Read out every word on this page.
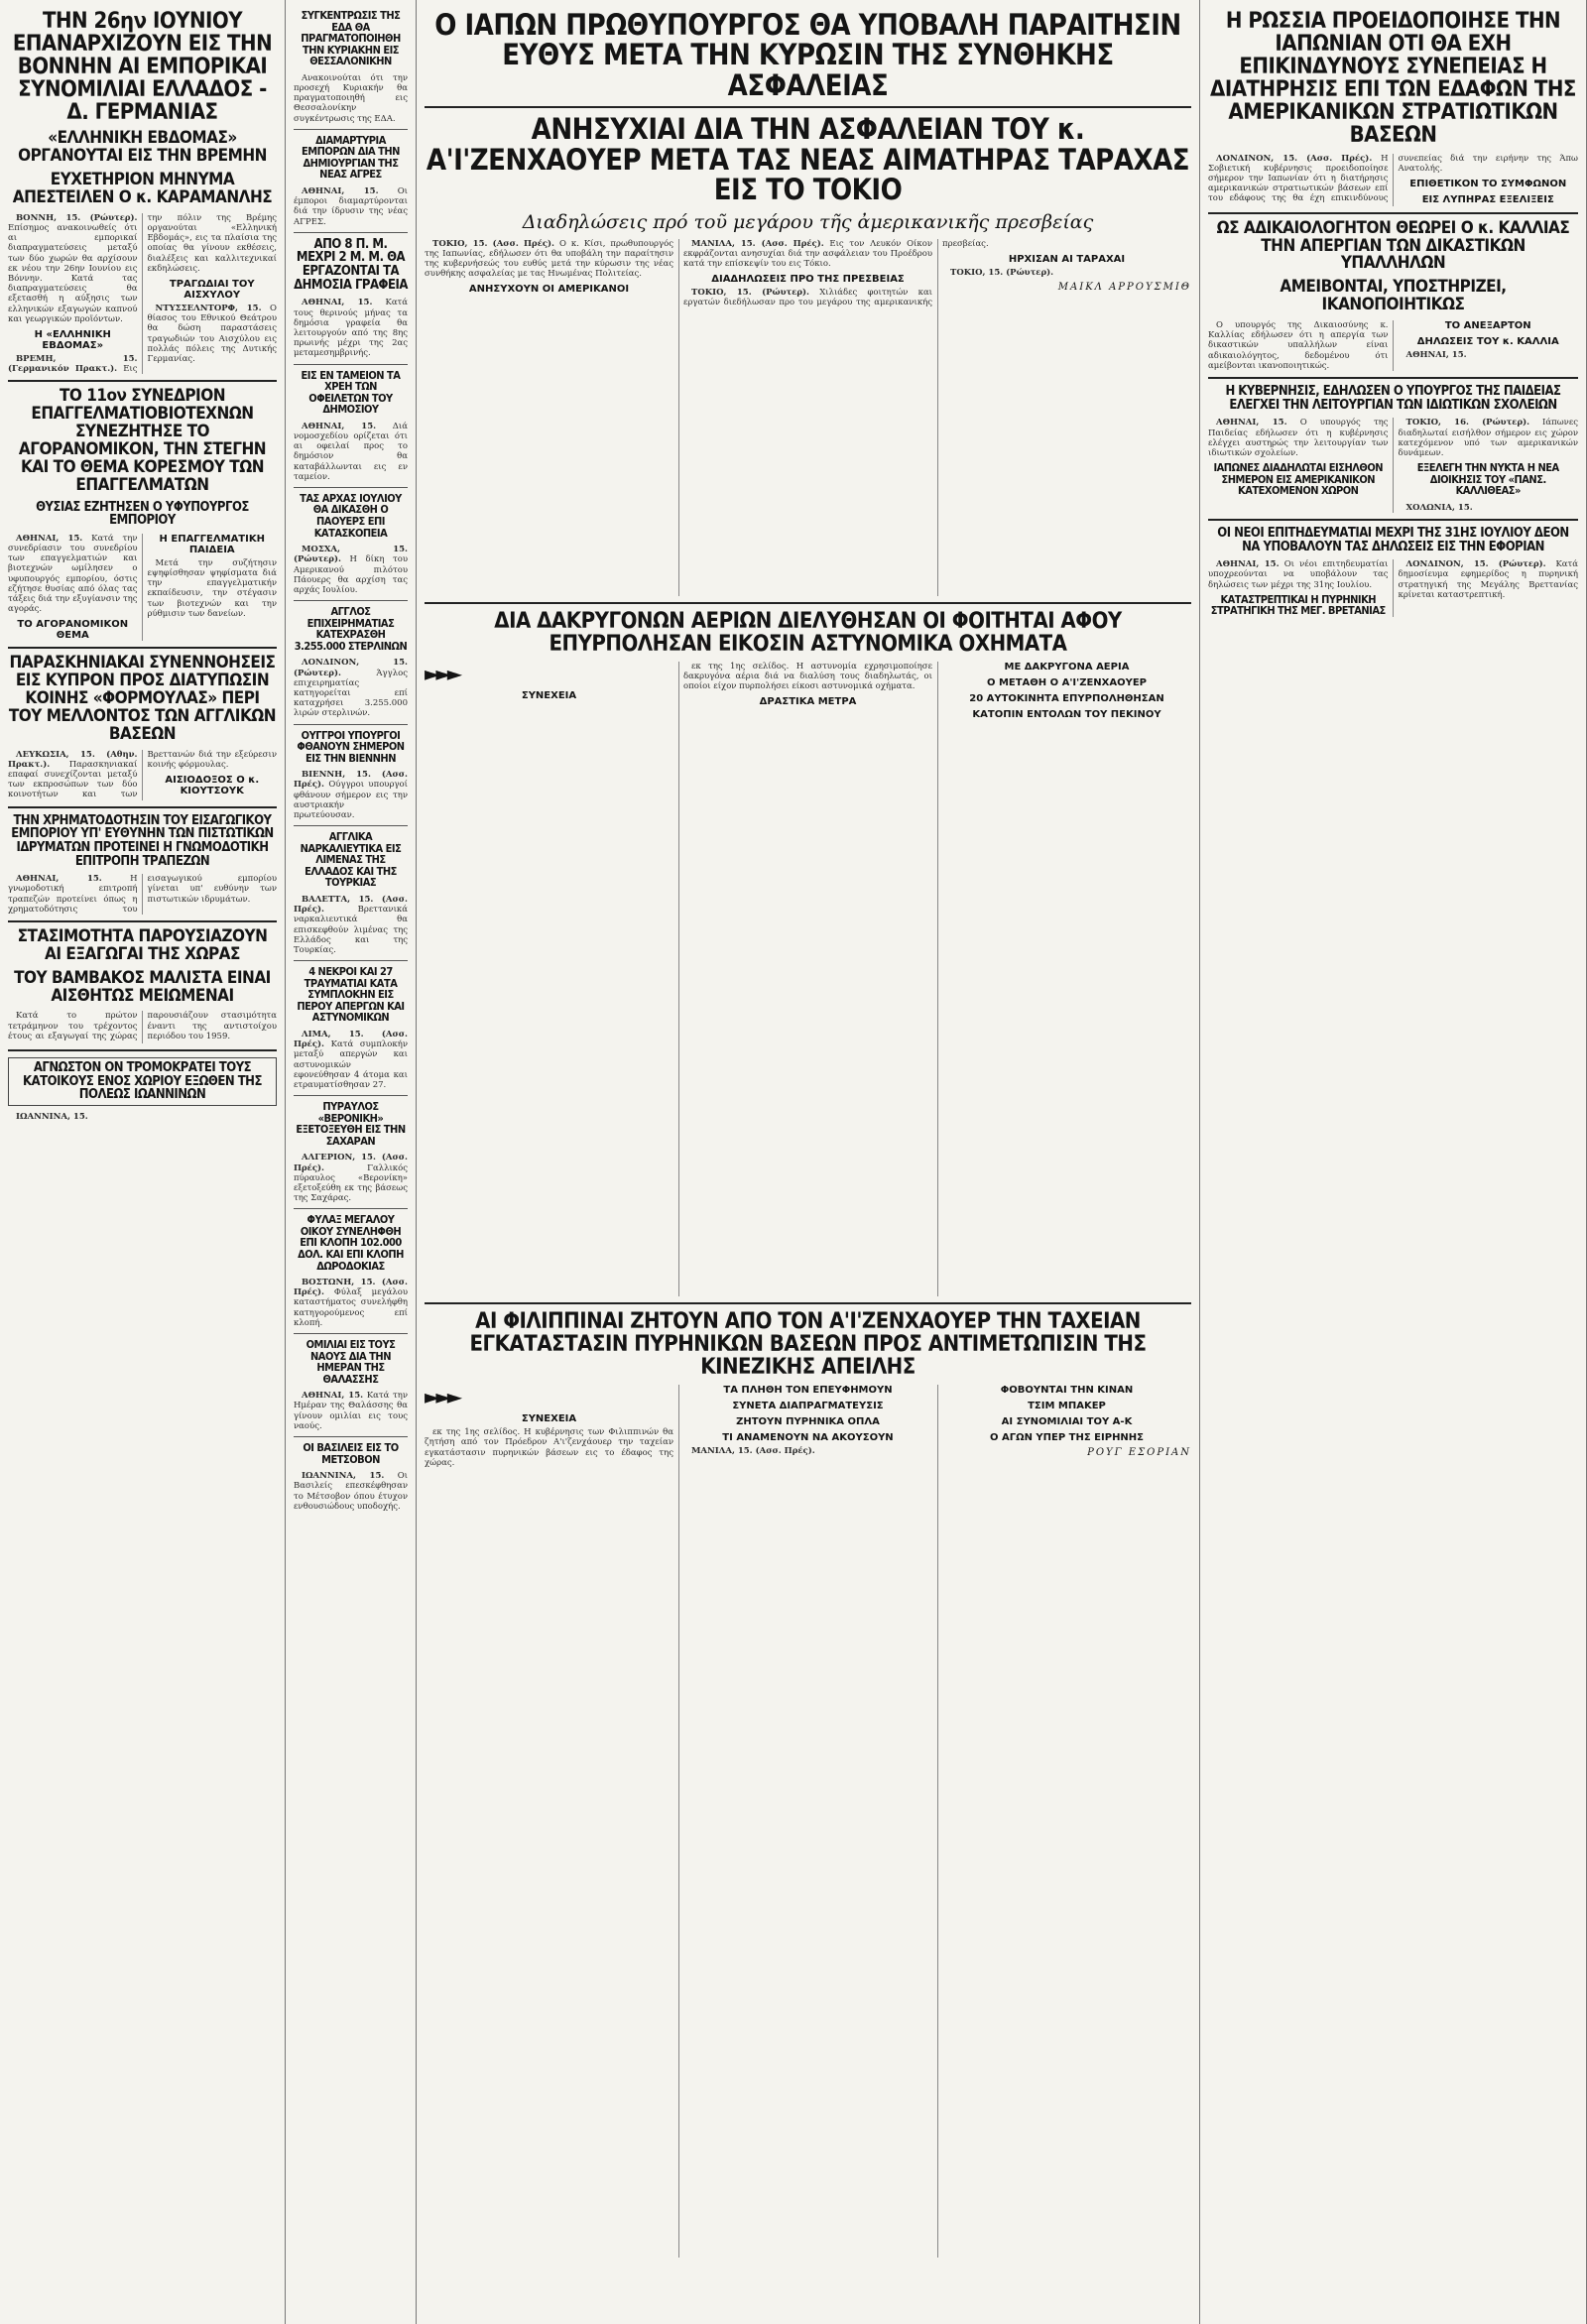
ΤΗΝ 26ην ΙΟΥΝΙΟΥ ΕΠΑΝΑΡΧΙΖΟΥΝ ΕΙΣ ΤΗΝ ΒΟΝΝΗΝ ΑΙ ΕΜΠΟΡΙΚΑΙ ΣΥΝΟΜΙΛΙΑΙ ΕΛΛΑΔΟΣ - Δ. ΓΕΡΜΑΝΙΑΣ
«ΕΛΛΗΝΙΚΗ ΕΒΔΟΜΑΣ» ΟΡΓΑΝΟΥΤΑΙ ΕΙΣ ΤΗΝ ΒΡΕΜΗΝ
ΕΥΧΕΤΗΡΙΟΝ ΜΗΝΥΜΑ ΑΠΕΣΤΕΙΛΕΝ Ο κ. ΚΑΡΑΜΑΝΛΗΣ

ΒΟΝΝΗ, 15. (Ρώυτερ). Επίσημος ανακοινωθείς ότι αι εμπορικαί διαπραγματεύσεις μεταξύ των δύο χωρών θα αρχίσουν εκ νέου την 26ην Ιουνίου εις Βόννην. Κατά τας διαπραγματεύσεις θα εξετασθή η αύξησις των ελληνικών εξαγωγών καπνού και γεωργικών προϊόντων.

Η «ΕΛΛΗΝΙΚΗ ΕΒΔΟΜΑΣ»

ΒΡΕΜΗ, 15. (Γερμανικόν Πρακτ.). Εις την πόλιν της Βρέμης οργανούται «Ελληνική Εβδομάς», εις τα πλαίσια της οποίας θα γίνουν εκθέσεις, διαλέξεις και καλλιτεχνικαί εκδηλώσεις.

ΤΡΑΓΩΔΙΑΙ ΤΟΥ ΑΙΣΧΥΛΟΥ

ΝΤΥΣΣΕΛΝΤΟΡΦ, 15. Ο θίασος του Εθνικού Θεάτρου θα δώση παραστάσεις τραγωδιών του Αισχύλου εις πολλάς πόλεις της Δυτικής Γερμανίας.

ΤΟ 11ον ΣΥΝΕΔΡΙΟΝ ΕΠΑΓΓΕΛΜΑΤΙΟΒΙΟΤΕΧΝΩΝ ΣΥΝΕΖΗΤΗΣΕ ΤΟ ΑΓΟΡΑΝΟΜΙΚΟΝ, ΤΗΝ ΣΤΕΓΗΝ ΚΑΙ ΤΟ ΘΕΜΑ ΚΟΡΕΣΜΟΥ ΤΩΝ ΕΠΑΓΓΕΛΜΑΤΩΝ
ΘΥΣΙΑΣ ΕΖΗΤΗΣΕΝ Ο ΥΦΥΠΟΥΡΓΟΣ ΕΜΠΟΡΙΟΥ

ΑΘΗΝΑΙ, 15. Κατά την συνεδρίασιν του συνεδρίου των επαγγελματιών και βιοτεχνών ωμίλησεν ο υφυπουργός εμπορίου, όστις εζήτησε θυσίας από όλας τας τάξεις διά την εξυγίανσιν της αγοράς.

ΤΟ ΑΓΟΡΑΝΟΜΙΚΟΝ ΘΕΜΑ
Η ΕΠΑΓΓΕΛΜΑΤΙΚΗ ΠΑΙΔΕΙΑ

Μετά την συζήτησιν εψηφίσθησαν ψηφίσματα διά την επαγγελματικήν εκπαίδευσιν, την στέγασιν των βιοτεχνών και την ρύθμισιν των δανείων.

ΠΑΡΑΣΚΗΝΙΑΚΑΙ ΣΥΝΕΝΝΟΗΣΕΙΣ ΕΙΣ ΚΥΠΡΟΝ ΠΡΟΣ ΔΙΑΤΥΠΩΣΙΝ ΚΟΙΝΗΣ «ΦΟΡΜΟΥΛΑΣ» ΠΕΡΙ ΤΟΥ ΜΕΛΛΟΝΤΟΣ ΤΩΝ ΑΓΓΛΙΚΩΝ ΒΑΣΕΩΝ

ΛΕΥΚΩΣΙΑ, 15. (Αθην. Πρακτ.). Παρασκηνιακαί επαφαί συνεχίζονται μεταξύ των εκπροσώπων των δύο κοινοτήτων και των Βρεττανών διά την εξεύρεσιν κοινής φόρμουλας.

ΑΙΣΙΟΔΟΞΟΣ Ο κ. ΚΙΟΥΤΣΟΥΚ
ΤΗΝ ΧΡΗΜΑΤΟΔΟΤΗΣΙΝ ΤΟΥ ΕΙΣΑΓΩΓΙΚΟΥ ΕΜΠΟΡΙΟΥ ΥΠ' ΕΥΘΥΝΗΝ ΤΩΝ ΠΙΣΤΩΤΙΚΩΝ ΙΔΡΥΜΑΤΩΝ ΠΡΟΤΕΙΝΕΙ Η ΓΝΩΜΟΔΟΤΙΚΗ ΕΠΙΤΡΟΠΗ ΤΡΑΠΕΖΩΝ

ΑΘΗΝΑΙ, 15.	Η γνωμοδοτική επιτροπή τραπεζών προτείνει όπως η χρηματοδότησις του εισαγωγικού εμπορίου γίνεται υπ' ευθύνην των πιστωτικών ιδρυμάτων.

ΣΤΑΣΙΜΟΤΗΤΑ ΠΑΡΟΥΣΙΑΖΟΥΝ ΑΙ ΕΞΑΓΩΓΑΙ ΤΗΣ ΧΩΡΑΣ
ΤΟΥ ΒΑΜΒΑΚΟΣ ΜΑΛΙΣΤΑ ΕΙΝΑΙ ΑΙΣΘΗΤΩΣ ΜΕΙΩΜΕΝΑΙ

Κατά το πρώτον τετράμηνον του τρέχοντος έτους αι εξαγωγαί της χώρας παρουσιάζουν στασιμότητα έναντι της αντιστοίχου περιόδου του 1959.

ΑΓΝΩΣΤΟΝ ΟΝ ΤΡΟΜΟΚΡΑΤΕΙ ΤΟΥΣ ΚΑΤΟΙΚΟΥΣ ΕΝΟΣ ΧΩΡΙΟΥ ΕΞΩΘΕΝ ΤΗΣ ΠΟΛΕΩΣ ΙΩΑΝΝΙΝΩΝ

ΙΩΑΝΝΙΝΑ, 15.

ΣΥΓΚΕΝΤΡΩΣΙΣ ΤΗΣ ΕΔΑ ΘΑ ΠΡΑΓΜΑΤΟΠΟΙΗΘΗ ΤΗΝ ΚΥΡΙΑΚΗΝ ΕΙΣ ΘΕΣΣΑΛΟΝΙΚΗΝ

Ανακοινούται ότι την προσεχή Κυριακήν θα πραγματοποιηθή εις Θεσσαλονίκην συγκέντρωσις της ΕΔΑ.

ΔΙΑΜΑΡΤΥΡΙΑ ΕΜΠΟΡΩΝ ΔΙΑ ΤΗΝ ΔΗΜΙΟΥΡΓΙΑΝ ΤΗΣ ΝΕΑΣ ΑΓΡΕΣ

ΑΘΗΝΑΙ, 15. Οι έμποροι διαμαρτύρονται διά την ίδρυσιν της νέας ΑΓΡΕΣ.

ΑΠΟ 8 Π. Μ. ΜΕΧΡΙ 2 Μ. Μ. ΘΑ ΕΡΓΑΖΟΝΤΑΙ ΤΑ ΔΗΜΟΣΙΑ ΓΡΑΦΕΙΑ

ΑΘΗΝΑΙ, 15. Κατά τους θερινούς μήνας τα δημόσια γραφεία θα λειτουργούν από της 8ης πρωινής μέχρι της 2ας μεταμεσημβρινής.

ΕΙΣ ΕΝ ΤΑΜΕΙΟΝ ΤΑ ΧΡΕΗ ΤΩΝ ΟΦΕΙΛΕΤΩΝ ΤΟΥ ΔΗΜΟΣΙΟΥ

ΑΘΗΝΑΙ, 15. Διά νομοσχεδίου ορίζεται ότι αι οφειλαί προς το δημόσιον θα καταβάλλωνται εις εν ταμείον.

ΤΑΣ ΑΡΧΑΣ ΙΟΥΛΙΟΥ ΘΑ ΔΙΚΑΣΘΗ Ο ΠΑΟΥΕΡΣ ΕΠΙ ΚΑΤΑΣΚΟΠΕΙΑ

ΜΟΣΧΑ, 15. (Ρώυτερ). Η δίκη του Αμερικανού πιλότου Πάουερς θα αρχίση τας αρχάς Ιουλίου.

ΑΓΓΛΟΣ ΕΠΙΧΕΙΡΗΜΑΤΙΑΣ ΚΑΤΕΧΡΑΣΘΗ 3.255.000 ΣΤΕΡΛΙΝΩΝ

ΛΟΝΔΙΝΟΝ, 15. (Ρώυτερ).	Άγγλος επιχειρηματίας κατηγορείται επί καταχρήσει 3.255.000 λιρών στερλινών.

ΟΥΓΓΡΟΙ ΥΠΟΥΡΓΟΙ ΦΘΑΝΟΥΝ ΣΗΜΕΡΟΝ ΕΙΣ ΤΗΝ ΒΙΕΝΝΗΝ

ΒΙΕΝΝΗ, 15. (Ασσ. Πρές). Ούγγροι υπουργοί φθάνουν σήμερον εις την αυστριακήν πρωτεύουσαν.

ΑΓΓΛΙΚΑ ΝΑΡΚΑΛΙΕΥΤΙΚΑ ΕΙΣ ΛΙΜΕΝΑΣ ΤΗΣ ΕΛΛΑΔΟΣ ΚΑΙ ΤΗΣ ΤΟΥΡΚΙΑΣ

ΒΑΛΕΤΤΑ, 15. (Ασσ. Πρές).	Βρεττανικά ναρκαλιευτικά θα επισκεφθούν λιμένας της Ελλάδος και της Τουρκίας.

4 ΝΕΚΡΟΙ ΚΑΙ 27 ΤΡΑΥΜΑΤΙΑΙ ΚΑΤΑ ΣΥΜΠΛΟΚΗΝ ΕΙΣ ΠΕΡΟΥ ΑΠΕΡΓΩΝ ΚΑΙ ΑΣΤΥΝΟΜΙΚΩΝ

ΛΙΜΑ, 15. (Ασσ. Πρές). Κατά συμπλοκήν μεταξύ απεργών και αστυνομικών εφονεύθησαν 4 άτομα και ετραυματίσθησαν 27.

ΠΥΡΑΥΛΟΣ «ΒΕΡΟΝΙΚΗ» ΕΞΕΤΟΞΕΥΘΗ ΕΙΣ ΤΗΝ ΣΑΧΑΡΑΝ

ΑΛΓΕΡΙΟΝ, 15. (Ασσ. Πρές).	Γαλλικός πύραυλος «Βερονίκη» εξετοξεύθη εκ της βάσεως της Σαχάρας.

ΦΥΛΑΞ ΜΕΓΑΛΟΥ ΟΙΚΟΥ ΣΥΝΕΛΗΦΘΗ ΕΠΙ ΚΛΟΠΗ 102.000 ΔΟΛ. ΚΑΙ ΕΠΙ ΚΛΟΠΗ ΔΩΡΟΔΟΚΙΑΣ

ΒΟΣΤΩΝΗ, 15. (Ασσ. Πρές). Φύλαξ μεγάλου καταστήματος συνελήφθη κατηγορούμενος επί κλοπή.

ΟΜΙΛΙΑΙ ΕΙΣ ΤΟΥΣ ΝΑΟΥΣ ΔΙΑ ΤΗΝ ΗΜΕΡΑΝ ΤΗΣ ΘΑΛΑΣΣΗΣ

ΑΘΗΝΑΙ, 15. Κατά την Ημέραν της Θαλάσσης θα γίνουν ομιλίαι εις τους ναούς.

ΟΙ ΒΑΣΙΛΕΙΣ ΕΙΣ ΤΟ ΜΕΤΣΟΒΟΝ

ΙΩΑΝΝΙΝΑ, 15. Οι Βασιλείς επεσκέφθησαν το Μέτσοβον όπου έτυχον ενθουσιώδους υποδοχής.

Ο ΙΑΠΩΝ ΠΡΩΘΥΠΟΥΡΓΟΣ ΘΑ ΥΠΟΒΑΛΗ ΠΑΡΑΙΤΗΣΙΝ ΕΥΘΥΣ ΜΕΤΑ ΤΗΝ ΚΥΡΩΣΙΝ ΤΗΣ ΣΥΝΘΗΚΗΣ ΑΣΦΑΛΕΙΑΣ
ΑΝΗΣΥΧΙΑΙ ΔΙΑ ΤΗΝ ΑΣΦΑΛΕΙΑΝ ΤΟΥ κ. Α'Ι'ΖΕΝΧΑΟΥΕΡ ΜΕΤΑ ΤΑΣ ΝΕΑΣ ΑΙΜΑΤΗΡΑΣ ΤΑΡΑΧΑΣ ΕΙΣ ΤΟ ΤΟΚΙΟ
Διαδηλώσεις πρό τοῦ μεγάρου τῆς ἀμερικανικῆς πρεσβείας

ΤΟΚΙΟ, 15. (Ασσ. Πρές). Ο κ. Κίσι, πρωθυπουργός της Ιαπωνίας, εδήλωσεν ότι θα υποβάλη την παραίτησιν της κυβερνήσεώς του ευθύς μετά την κύρωσιν της νέας συνθήκης ασφαλείας με τας Ηνωμένας Πολιτείας.

ΑΝΗΣΥΧΟΥΝ ΟΙ ΑΜΕΡΙΚΑΝΟΙ

ΜΑΝΙΛΑ, 15. (Ασσ. Πρές). Εις τον Λευκόν Οίκον εκφράζονται ανησυχίαι διά την ασφάλειαν του Προέδρου κατά την επίσκεψίν του εις Τόκιο.

ΔΙΑΔΗΛΩΣΕΙΣ ΠΡΟ ΤΗΣ ΠΡΕΣΒΕΙΑΣ

ΤΟΚΙΟ, 15. (Ρώυτερ). Χιλιάδες φοιτητών και εργατών διεδήλωσαν προ του μεγάρου της αμερικανικής πρεσβείας.

ΗΡΧΙΣΑΝ ΑΙ ΤΑΡΑΧΑΙ

ΤΟΚΙΟ, 15. (Ρώυτερ).

ΜΑΙΚΛ ΑΡΡΟΥΣΜΙΘ
ΔΙΑ ΔΑΚΡΥΓΟΝΩΝ ΑΕΡΙΩΝ ΔΙΕΛΥΘΗΣΑΝ ΟΙ ΦΟΙΤΗΤΑΙ ΑΦΟΥ ΕΠΥΡΠΟΛΗΣΑΝ ΕΙΚΟΣΙΝ ΑΣΤΥΝΟΜΙΚΑ ΟΧΗΜΑΤΑ
►►►
ΣΥΝΕΧΕΙΑ

εκ της 1ης σελίδος. Η αστυνομία εχρησιμοποίησε δακρυγόνα αέρια διά να διαλύση τους διαδηλωτάς, οι οποίοι είχον πυρπολήσει είκοσι αστυνομικά οχήματα.

ΔΡΑΣΤΙΚΑ ΜΕΤΡΑ
ΜΕ ΔΑΚΡΥΓΟΝΑ ΑΕΡΙΑ
Ο ΜΕΤΑΘΗ Ο Α'Ι'ΖΕΝΧΑΟΥΕΡ
20 ΑΥΤΟΚΙΝΗΤΑ ΕΠΥΡΠΟΛΗΘΗΣΑΝ
ΚΑΤΟΠΙΝ ΕΝΤΟΛΩΝ ΤΟΥ ΠΕΚΙΝΟΥ
ΑΙ ΦΙΛΙΠΠΙΝΑΙ ΖΗΤΟΥΝ ΑΠΟ ΤΟΝ Α'Ι'ΖΕΝΧΑΟΥΕΡ ΤΗΝ ΤΑΧΕΙΑΝ ΕΓΚΑΤΑΣΤΑΣΙΝ ΠΥΡΗΝΙΚΩΝ ΒΑΣΕΩΝ ΠΡΟΣ ΑΝΤΙΜΕΤΩΠΙΣΙΝ ΤΗΣ ΚΙΝΕΖΙΚΗΣ ΑΠΕΙΛΗΣ
►►►
ΣΥΝΕΧΕΙΑ

εκ της 1ης σελίδος. Η κυβέρνησις των Φιλιππινών θα ζητήση από τον Πρόεδρον Α'ι'ζενχάουερ την ταχείαν εγκατάστασιν πυρηνικών βάσεων εις το έδαφος της χώρας.

ΤΑ ΠΛΗΘΗ ΤΟΝ ΕΠΕΥΦΗΜΟΥΝ
ΣΥΝΕΤΑ ΔΙΑΠΡΑΓΜΑΤΕΥΣΙΣ
ΖΗΤΟΥΝ ΠΥΡΗΝΙΚΑ ΟΠΛΑ
ΤΙ ΑΝΑΜΕΝΟΥΝ ΝΑ ΑΚΟΥΣΟΥΝ

ΜΑΝΙΛΑ, 15. (Ασσ. Πρές).

ΦΟΒΟΥΝΤΑΙ ΤΗΝ ΚΙΝΑΝ
ΤΣΙΜ ΜΠΑΚΕΡ
ΑΙ ΣΥΝΟΜΙΛΙΑΙ ΤΟΥ Α-Κ
Ο ΑΓΩΝ ΥΠΕΡ ΤΗΣ ΕΙΡΗΝΗΣ
ΡΟΥΓ ΕΣΟΡΙΑΝ
Η ΡΩΣΣΙΑ ΠΡΟΕΙΔΟΠΟΙΗΣΕ ΤΗΝ ΙΑΠΩΝΙΑΝ ΟΤΙ ΘΑ ΕΧΗ ΕΠΙΚΙΝΔΥΝΟΥΣ ΣΥΝΕΠΕΙΑΣ Η ΔΙΑΤΗΡΗΣΙΣ ΕΠΙ ΤΩΝ ΕΔΑΦΩΝ ΤΗΣ ΑΜΕΡΙΚΑΝΙΚΩΝ ΣΤΡΑΤΙΩΤΙΚΩΝ ΒΑΣΕΩΝ

ΛΟΝΔΙΝΟΝ, 15. (Ασσ. Πρές). Η Σοβιετική κυβέρνησις προειδοποίησε σήμερον την Ιαπωνίαν ότι η διατήρησις αμερικανικών στρατιωτικών βάσεων επί του εδάφους της θα έχη επικινδύνους συνεπείας διά την ειρήνην της Άπω Ανατολής.

ΕΠΙΘΕΤΙΚΟΝ ΤΟ ΣΥΜΦΩΝΟΝ
ΕΙΣ ΛΥΠΗΡΑΣ ΕΞΕΛΙΞΕΙΣ
ΩΣ ΑΔΙΚΑΙΟΛΟΓΗΤΟΝ ΘΕΩΡΕΙ Ο κ. ΚΑΛΛΙΑΣ ΤΗΝ ΑΠΕΡΓΙΑΝ ΤΩΝ ΔΙΚΑΣΤΙΚΩΝ ΥΠΑΛΛΗΛΩΝ
ΑΜΕΙΒΟΝΤΑΙ, ΥΠΟΣΤΗΡΙΖΕΙ, ΙΚΑΝΟΠΟΙΗΤΙΚΩΣ

Ο υπουργός της Δικαιοσύνης κ. Καλλίας εδήλωσεν ότι η απεργία των δικαστικών υπαλλήλων είναι αδικαιολόγητος, δεδομένου ότι αμείβονται ικανοποιητικώς.

ΤΟ ΑΝΕΞΑΡΤΟΝ
ΔΗΛΩΣΕΙΣ ΤΟΥ κ. ΚΑΛΛΙΑ

ΑΘΗΝΑΙ, 15.

Η ΚΥΒΕΡΝΗΣΙΣ, ΕΔΗΛΩΣΕΝ Ο ΥΠΟΥΡΓΟΣ ΤΗΣ ΠΑΙΔΕΙΑΣ ΕΛΕΓΧΕΙ ΤΗΝ ΛΕΙΤΟΥΡΓΙΑΝ ΤΩΝ ΙΔΙΩΤΙΚΩΝ ΣΧΟΛΕΙΩΝ

ΑΘΗΝΑΙ, 15. Ο υπουργός της Παιδείας εδήλωσεν ότι η κυβέρνησις ελέγχει αυστηρώς την λειτουργίαν των ιδιωτικών σχολείων.

ΙΑΠΩΝΕΣ ΔΙΑΔΗΛΩΤΑΙ ΕΙΣΗΛΘΟΝ ΣΗΜΕΡΟΝ ΕΙΣ ΑΜΕΡΙΚΑΝΙΚΟΝ ΚΑΤΕΧΟΜΕΝΟΝ ΧΩΡΟΝ

ΤΟΚΙΟ, 16. (Ρώυτερ). Ιάπωνες διαδηλωταί εισήλθον σήμερον εις χώρον κατεχόμενον υπό των αμερικανικών δυνάμεων.

ΕΞΕΛΕΓΗ ΤΗΝ ΝΥΚΤΑ Η ΝΕΑ ΔΙΟΙΚΗΣΙΣ ΤΟΥ «ΠΑΝΣ. ΚΑΛΛΙΘΕΑΣ»

ΧΟΛΩΝΙΑ, 15.

ΟΙ ΝΕΟΙ ΕΠΙΤΗΔΕΥΜΑΤΙΑΙ ΜΕΧΡΙ ΤΗΣ 31ΗΣ ΙΟΥΛΙΟΥ ΔΕΟΝ ΝΑ ΥΠΟΒΑΛΟΥΝ ΤΑΣ ΔΗΛΩΣΕΙΣ ΕΙΣ ΤΗΝ ΕΦΟΡΙΑΝ

ΑΘΗΝΑΙ, 15. Οι νέοι επιτηδευματίαι υποχρεούνται να υποβάλουν τας δηλώσεις των μέχρι της 31ης Ιουλίου.

ΚΑΤΑΣΤΡΕΠΤΙΚΑΙ Η ΠΥΡΗΝΙΚΗ ΣΤΡΑΤΗΓΙΚΗ ΤΗΣ ΜΕΓ. ΒΡΕΤΑΝΙΑΣ

ΛΟΝΔΙΝΟΝ, 15. (Ρώυτερ). Κατά δημοσίευμα εφημερίδος η πυρηνική στρατηγική της Μεγάλης Βρεττανίας κρίνεται καταστρεπτική.
